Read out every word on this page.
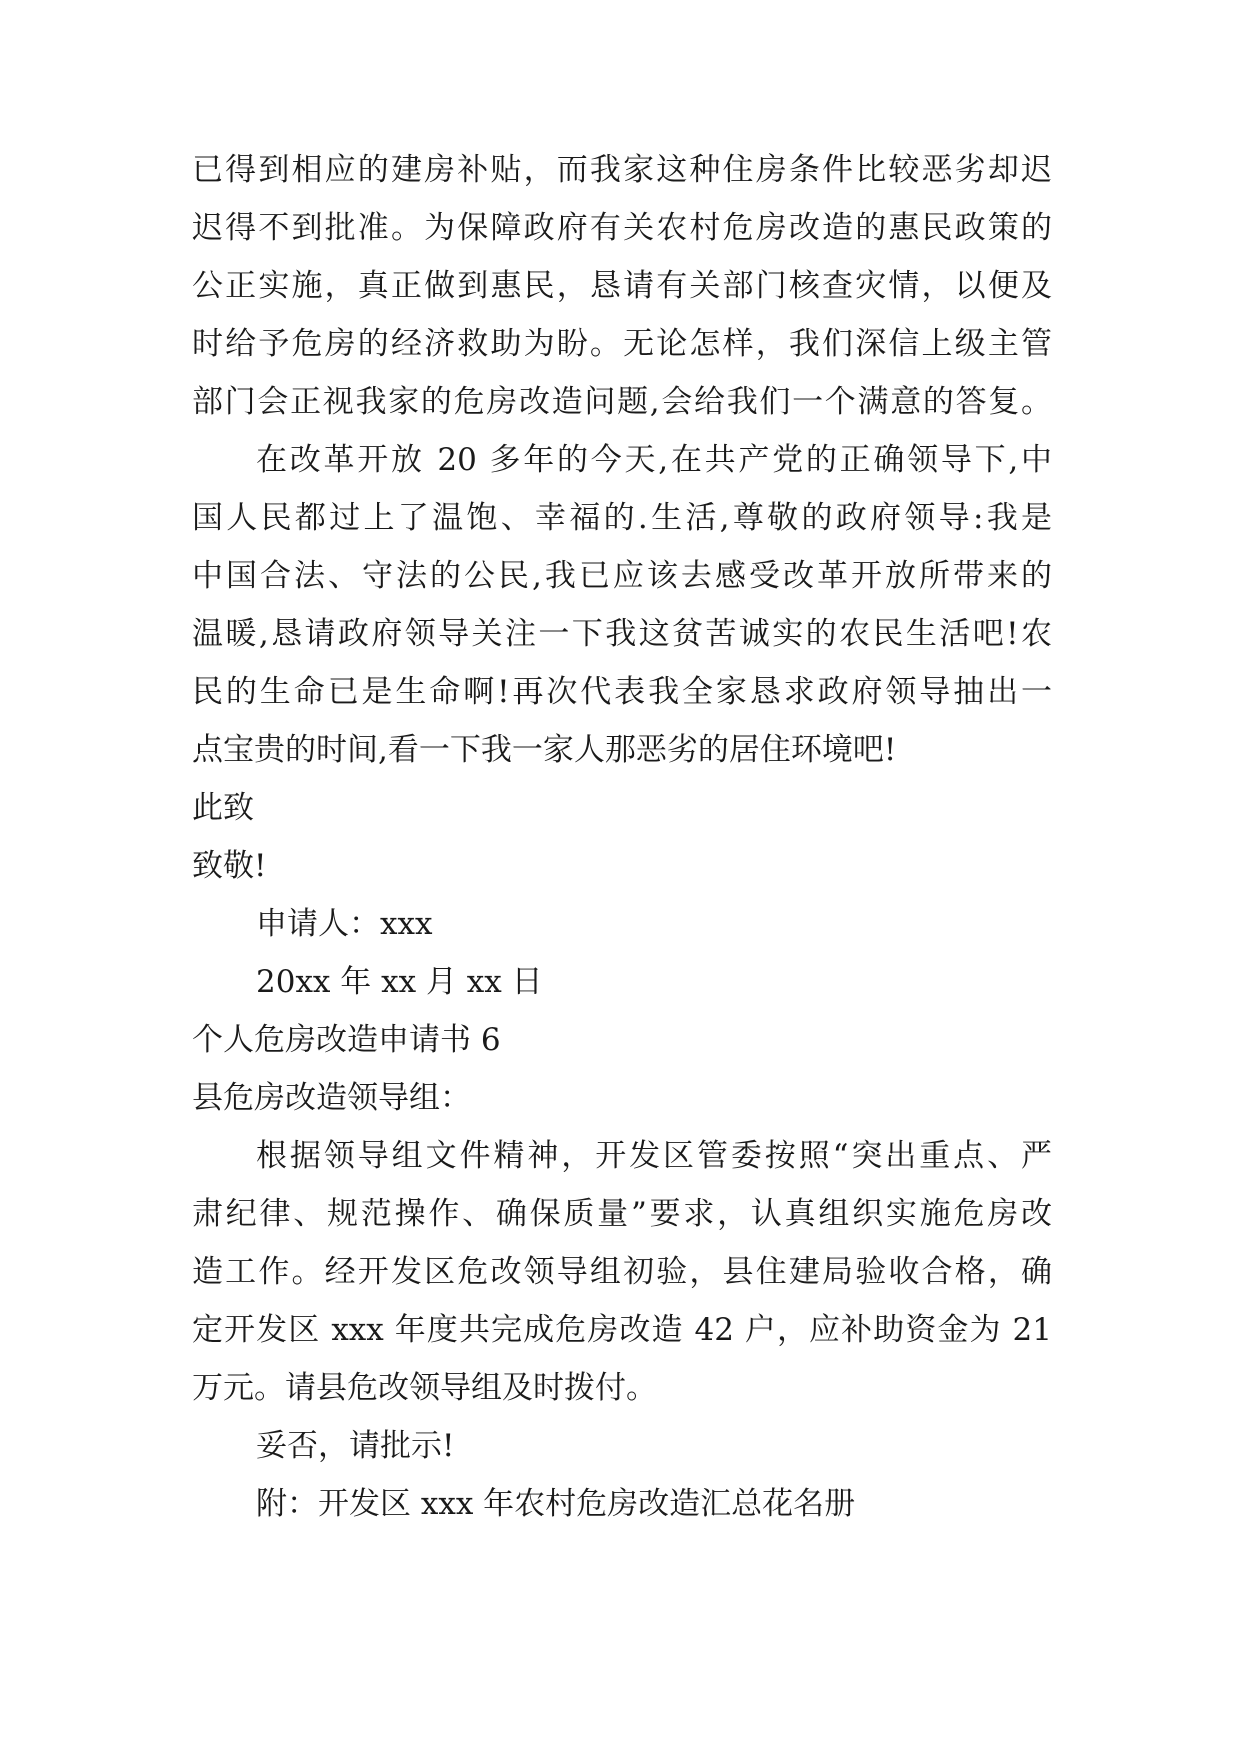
已得到相应的建房补贴，而我家这种住房条件比较恶劣却迟
迟得不到批准。为保障政府有关农村危房改造的惠民政策的
公正实施，真正做到惠民，恳请有关部门核查灾情，以便及
时给予危房的经济救助为盼。无论怎样，我们深信上级主管
部门会正视我家的危房改造问题,会给我们一个满意的答复。
在改革开放 20 多年的今天,在共产党的正确领导下,中
国人民都过上了温饱、幸福的.生活,尊敬的政府领导:我是
中国合法、守法的公民,我已应该去感受改革开放所带来的
温暖,恳请政府领导关注一下我这贫苦诚实的农民生活吧!农
民的生命已是生命啊!再次代表我全家恳求政府领导抽出一
点宝贵的时间,看一下我一家人那恶劣的居住环境吧!
此致
致敬!
申请人：xxx
20xx 年 xx 月 xx 日
个人危房改造申请书 6
县危房改造领导组：
根据领导组文件精神，开发区管委按照“突出重点、严
肃纪律、规范操作、确保质量”要求，认真组织实施危房改
造工作。经开发区危改领导组初验，县住建局验收合格，确
定开发区 xxx 年度共完成危房改造 42 户，应补助资金为 21
万元。请县危改领导组及时拨付。
妥否，请批示!
附：开发区 xxx 年农村危房改造汇总花名册
